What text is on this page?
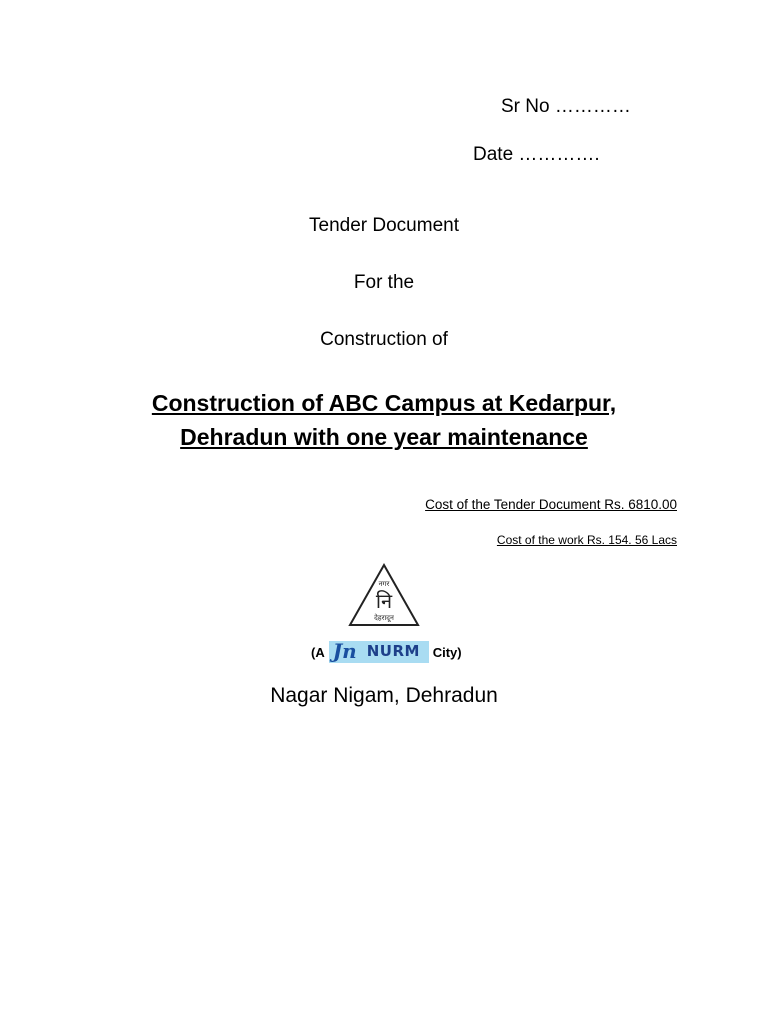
Sr No …………
Date ………….
Tender Document
For the
Construction of
Construction of ABC Campus at Kedarpur,
Dehradun with one year maintenance
Cost of the Tender Document Rs. 6810.00
Cost of the work Rs. 154. 56 Lacs
नगर
नि
देहरादून
(A Jn NURM City)
Nagar Nigam, Dehradun
